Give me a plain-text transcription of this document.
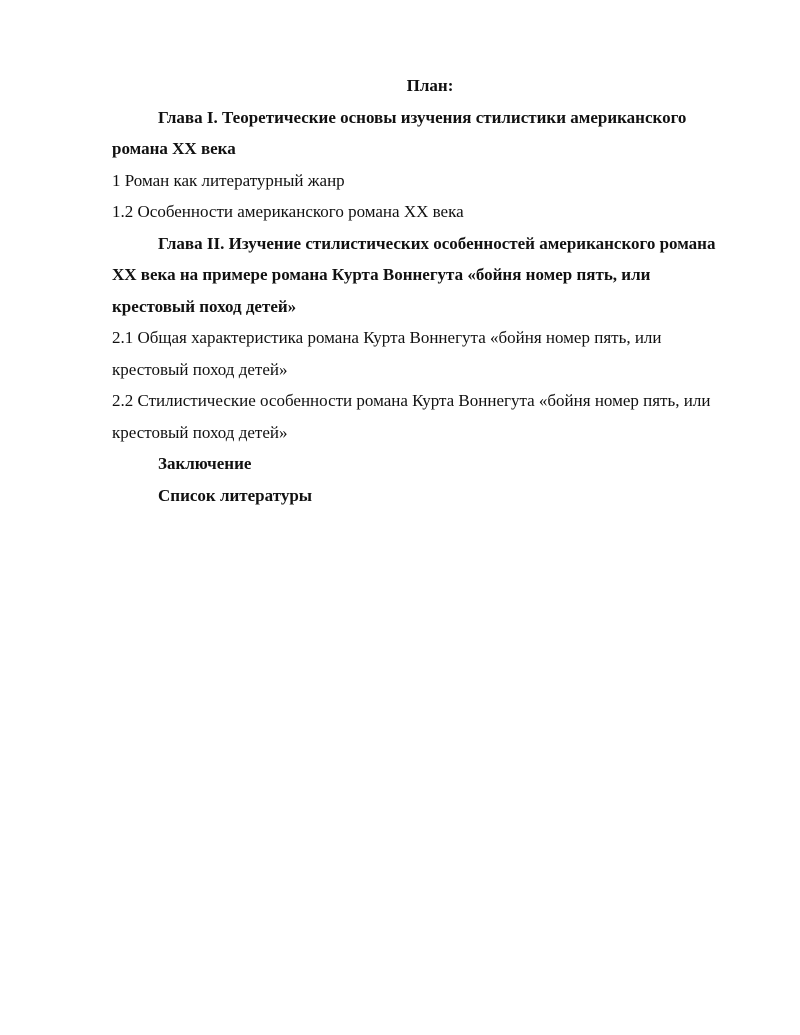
План:

Глава I. Теоретические основы изучения стилистики американского романа XX века

1 Роман как литературный жанр

1.2 Особенности американского романа XX века

Глава II. Изучение стилистических особенностей американского романа XX века на примере романа Курта Воннегута «бойня номер пять, или крестовый поход детей»

2.1 Общая характеристика романа Курта Воннегута «бойня номер пять, или крестовый поход детей»

2.2 Стилистические особенности романа Курта Воннегута «бойня номер пять, или крестовый поход детей»

Заключение

Список литературы
